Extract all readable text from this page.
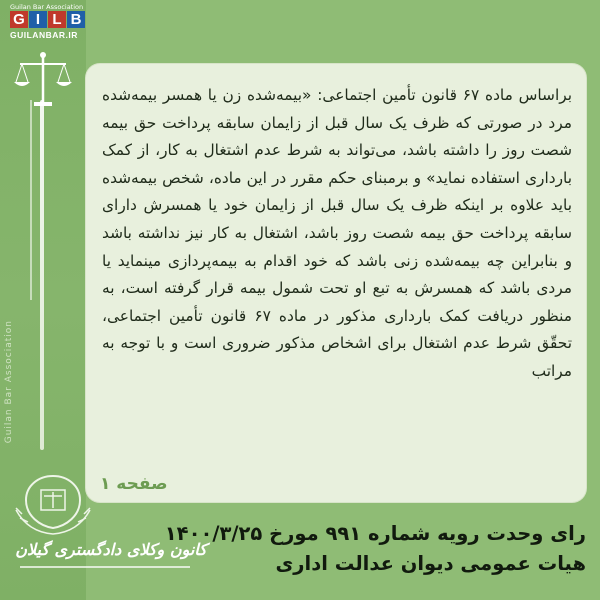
Guilan Bar Association
Guilan Bar Association
G I L B
GUILANBAR.IR
براساس ماده ۶۷ قانون تأمین اجتماعی: «بیمه‌شده زن یا همسر بیمه‌شده مرد در صورتی که ظرف یک سال قبل از زایمان سابقه پرداخت حق بیمه شصت روز را داشته باشد، می‌تواند به شرط عدم اشتغال به کار، از کمک بارداری استفاده نماید» و برمبنای حکم مقرر در این ماده، شخص بیمه‌شده باید علاوه بر اینکه ظرف یک سال قبل از زایمان خود یا همسرش دارای سابقه پرداخت حق بیمه شصت روز باشد، اشتغال به کار نیز نداشته باشد و بنابراین چه بیمه‌شده زنی باشد که خود اقدام به بیمه‌پردازی مینماید یا مردی باشد که همسرش به تبع او تحت شمول بیمه قرار گرفته است، به منظور دریافت کمک بارداری مذکور در ماده ۶۷ قانون تأمین اجتماعی، تحقّق شرط عدم اشتغال برای اشخاص مذکور ضروری است و با توجه به مراتب
صفحه ۱
کانون وکلای دادگستری گیلان
رای وحدت رویه شماره ۹۹۱ مورخ ۱۴۰۰/۳/۲۵
هیات عمومی دیوان عدالت اداری
